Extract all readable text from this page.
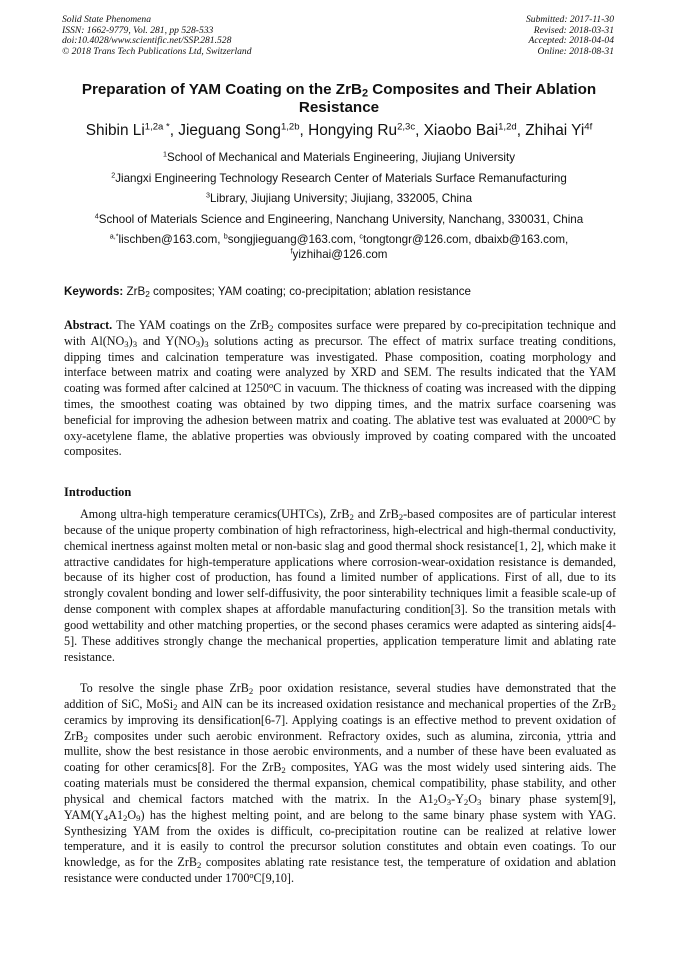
Solid State Phenomena
ISSN: 1662-9779, Vol. 281, pp 528-533
doi:10.4028/www.scientific.net/SSP.281.528
© 2018 Trans Tech Publications Ltd, Switzerland
Submitted: 2017-11-30
Revised: 2018-03-31
Accepted: 2018-04-04
Online: 2018-08-31
Preparation of YAM Coating on the ZrB$_2$ Composites and Their Ablation Resistance
Shibin $Li^{1,2a *}$, Jieguang Song$^{1,2b}$, Hongying $Ru^{2,3c}$, Xiaobo Bai$^{1,2d}$, Zhihai $Yi^{4f}$
$^1$School of Mechanical and Materials Engineering, Jiujiang University
$^2$Jiangxi Engineering Technology Research Center of Materials Surface Remanufacturing
$^3$Library, Jiujiang University; Jiujiang, 332005, China
$^4$School of Materials Science and Engineering, Nanchang University, Nanchang, 330031, China
$^{a,*}$lischben@163.com, $^b$songjieguang@163.com, $^c$tongtongr@126.com, dbaixb@163.com,
$^f$yizhihai@126.com
Keywords: ZrB$_2$ composites; YAM coating; co-precipitation; ablation resistance

Abstract. The YAM coatings on the ZrB$_2$ composites surface were prepared by co-precipitation technique and with $Al(NO_3)_3$ and $Y(NO_3)_3$ solutions acting as precursor. The effect of matrix surface treating conditions, dipping times and calcination temperature was investigated. Phase composition, coating morphology and interface between matrix and coating were analyzed by XRD and SEM. The results indicated that the YAM coating was formed after calcined at 1250$^o$C in vacuum. The thickness of coating was increased with the dipping times, the smoothest coating was obtained by two dipping times, and the matrix surface coarsening was beneficial for improving the adhesion between matrix and coating. The ablative test was evaluated at 2000$^o$C by oxy-acetylene flame, the ablative properties was obviously improved by coating compared with the uncoated composites.

Introduction

Among ultra-high temperature ceramics(UHTCs), ZrB$_2$ and ZrB$_2$-based composites are of particular interest because of the unique property combination of high refractoriness, high-electrical and high-thermal conductivity, chemical inertness against molten metal or non-basic slag and good thermal shock resistance[1, 2], which make it attractive candidates for high-temperature applications where corrosion-wear-oxidation resistance is demanded, because of its higher cost of production, has found a limited number of applications. First of all, due to its strongly covalent bonding and lower self-diffusivity, the poor sinterability techniques limit a feasible scale-up of dense component with complex shapes at affordable manufacturing condition[3]. So the transition metals with good wettability and other matching properties, or the second phases ceramics were adapted as sintering aids[4-5]. These additives strongly change the mechanical properties, application temperature limit and ablating rate resistance.

To resolve the single phase ZrB$_2$ poor oxidation resistance, several studies have demonstrated that the addition of SiC, MoSi$_2$ and AlN can be its increased oxidation resistance and mechanical properties of the ZrB$_2$ ceramics by improving its densification[6-7]. Applying coatings is an effective method to prevent oxidation of ZrB$_2$ composites under such aerobic environment. Refractory oxides, such as alumina, zirconia, yttria and mullite, show the best resistance in those aerobic environments, and a number of these have been evaluated as coating for other ceramics[8]. For the ZrB$_2$ composites, YAG was the most widely used sintering aids. The coating materials must be considered the thermal expansion, chemical compatibility, phase stability, and other physical and chemical factors matched with the matrix. In the $A1_2O_3-Y_2O_3$ binary phase system[9], $YAM(Y_4A1_2O_9)$ has the highest melting point, and are belong to the same binary phase system with YAG. Synthesizing YAM from the oxides is difficult, co-precipitation routine can be realized at relative lower temperature, and it is easily to control the precursor solution constitutes and obtain even coatings. To our knowledge, as for the ZrB$_2$ composites ablating rate resistance test, the temperature of oxidation and ablation resistance were conducted under 1700$^o$C[9,10].
